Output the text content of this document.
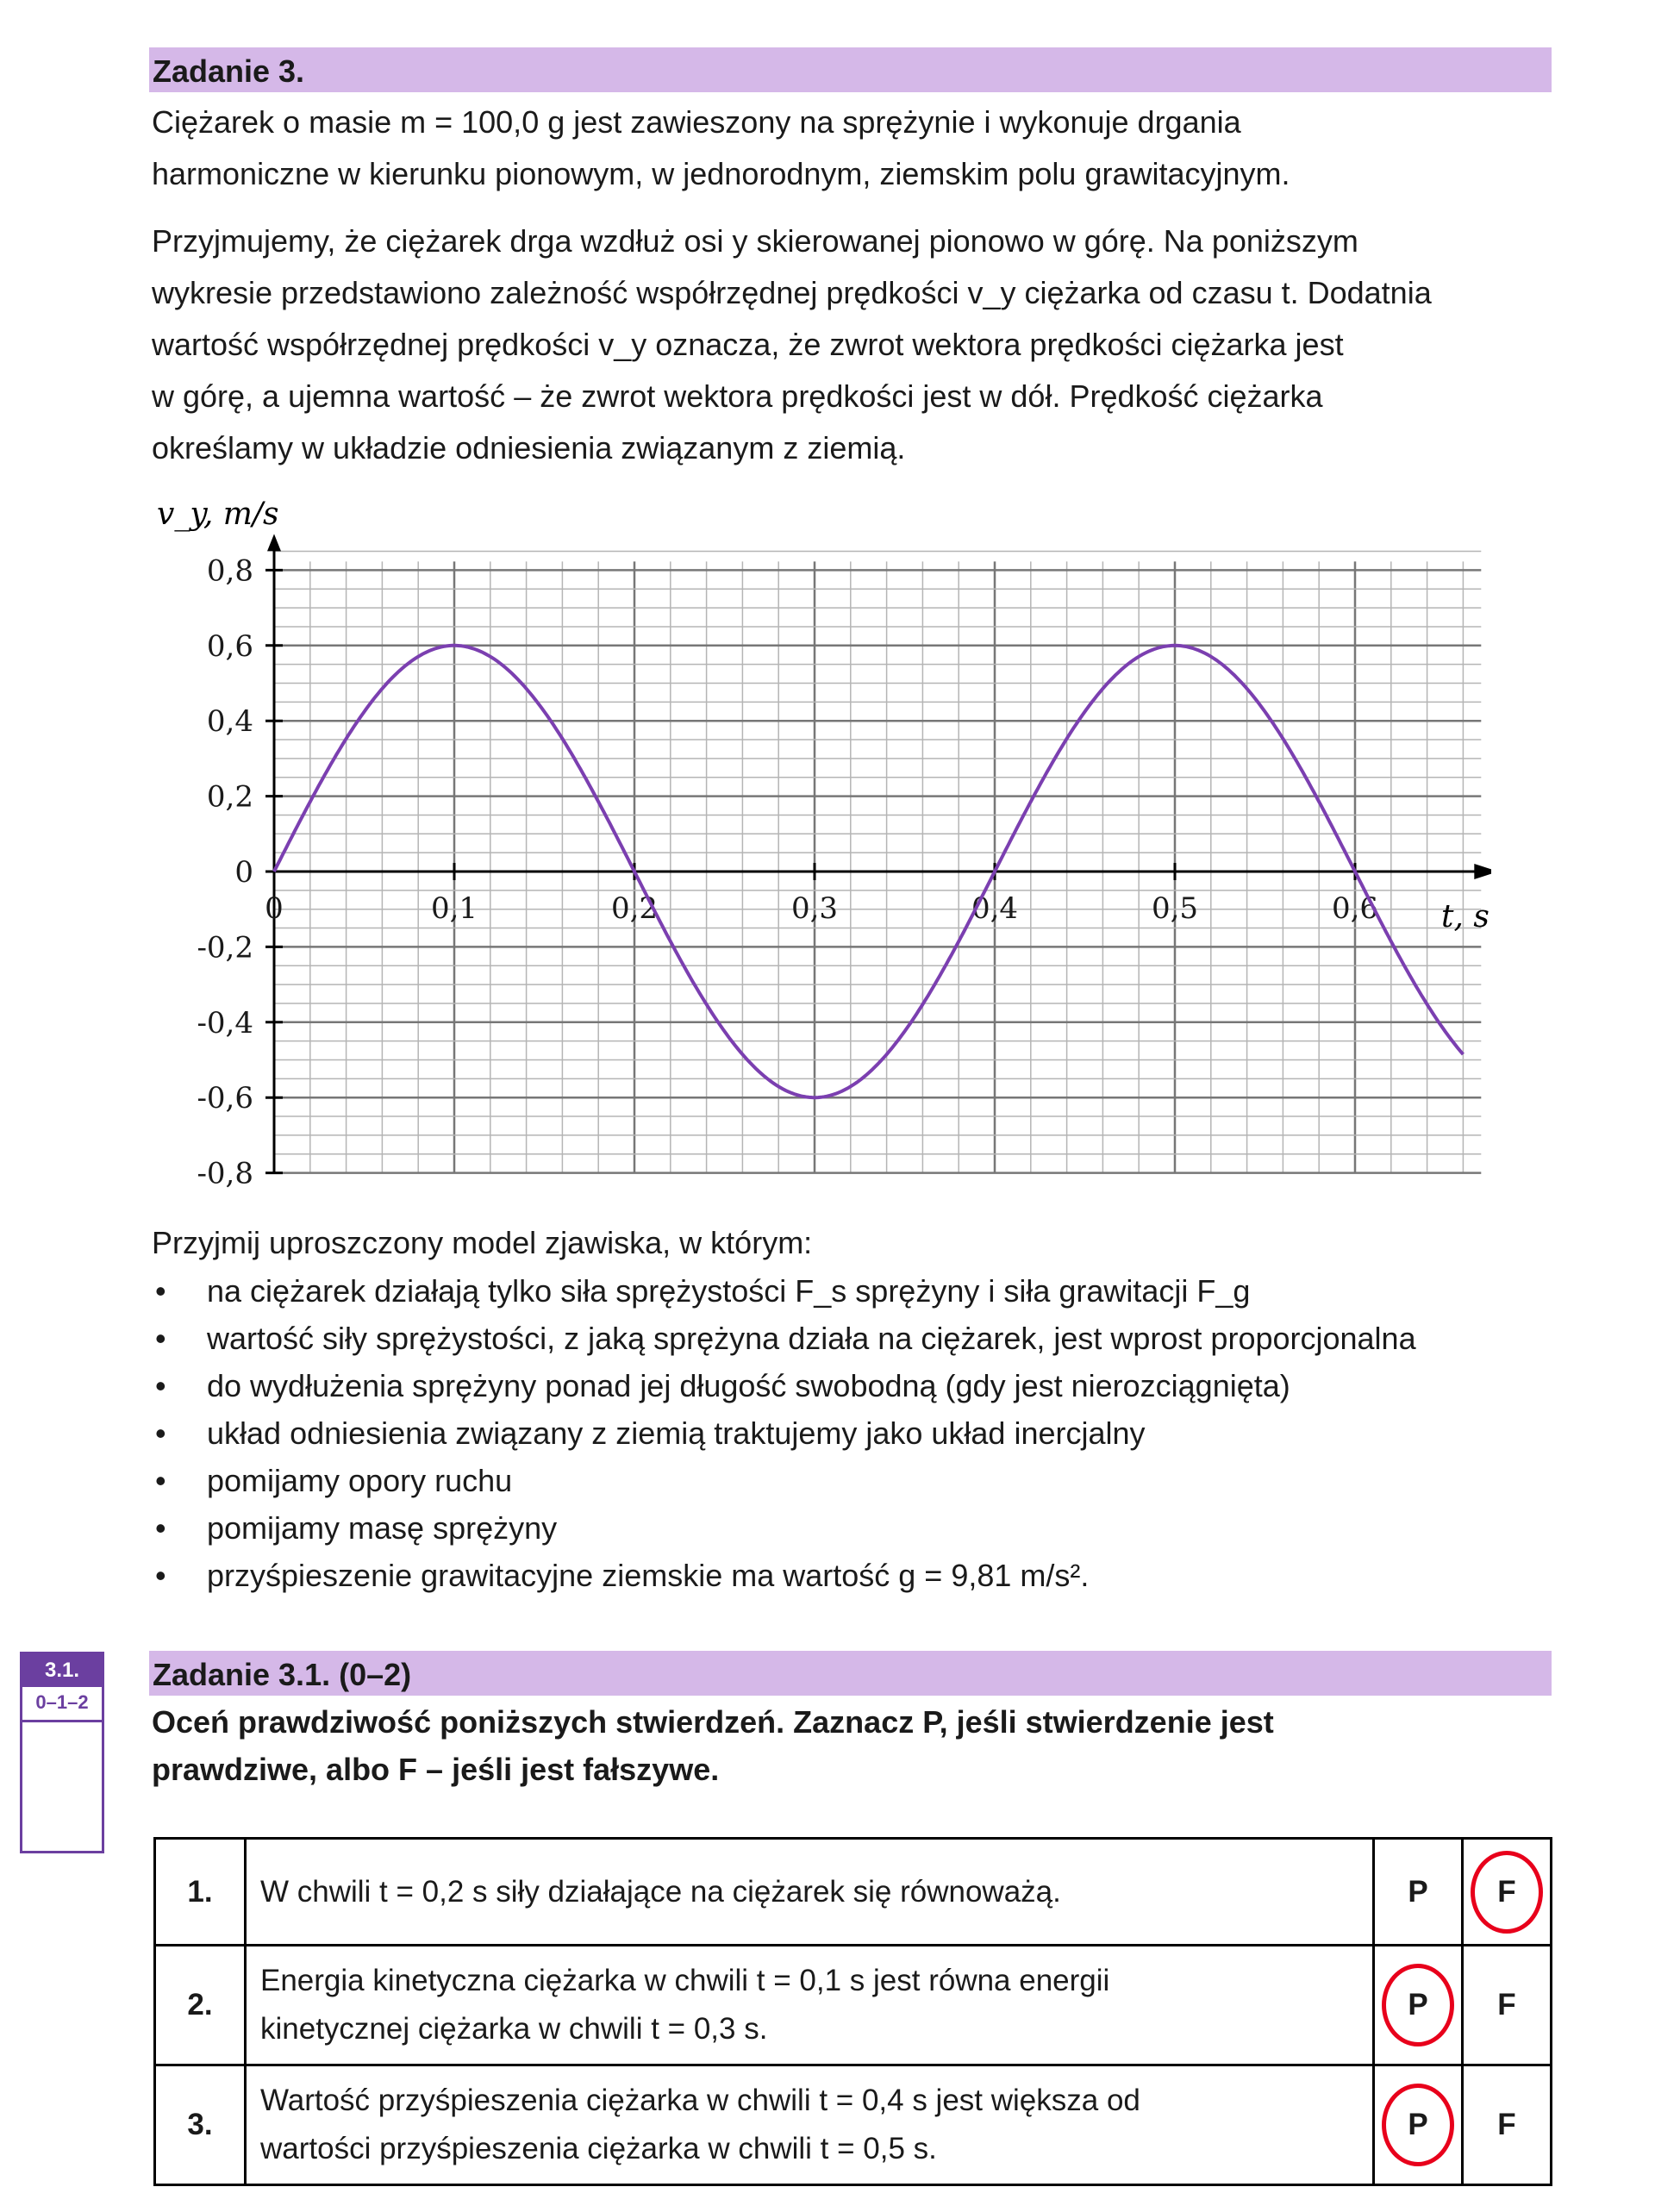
Zadanie 3.
Ciężarek o masie m = 100,0 g jest zawieszony na sprężynie i wykonuje drgania
harmoniczne w kierunku pionowym, w jednorodnym, ziemskim polu grawitacyjnym.
Przyjmujemy, że ciężarek drga wzdłuż osi y skierowanej pionowo w górę. Na poniższym
wykresie przedstawiono zależność współrzędnej prędkości v_y ciężarka od czasu t. Dodatnia
wartość współrzędnej prędkości v_y oznacza, że zwrot wektora prędkości ciężarka jest
w górę, a ujemna wartość – że zwrot wektora prędkości jest w dół. Prędkość ciężarka
określamy w układzie odniesienia związanym z ziemią.
0,8
0,6
0,4
0,2
0
-0,2
-0,4
-0,6
-0,8
0	0,1	0,2	0,3	0,4	0,5	0,6
v_y, m/s
t, s
Przyjmij uproszczony model zjawiska, w którym:
• na ciężarek działają tylko siła sprężystości F_s sprężyny i siła grawitacji F_g
• wartość siły sprężystości, z jaką sprężyna działa na ciężarek, jest wprost proporcjonalna
• do wydłużenia sprężyny ponad jej długość swobodną (gdy jest nierozciągnięta)
• układ odniesienia związany z ziemią traktujemy jako układ inercjalny
• pomijamy opory ruchu
• pomijamy masę sprężyny
• przyśpieszenie grawitacyjne ziemskie ma wartość g = 9,81 m/s².
3.1.
0–1–2
Zadanie 3.1. (0–2)
Oceń prawdziwość poniższych stwierdzeń. Zaznacz P, jeśli stwierdzenie jest
prawdziwe, albo F – jeśli jest fałszywe.
1.	W chwili t = 0,2 s siły działające na ciężarek się równoważą.	P	F

2.	Energia kinetyczna ciężarka w chwili t = 0,1 s jest równa energii
kinetycznej ciężarka w chwili t = 0,3 s.	P	F
3.	Wartość przyśpieszenia ciężarka w chwili t = 0,4 s jest większa od
wartości przyśpieszenia ciężarka w chwili t = 0,5 s.	P	F
